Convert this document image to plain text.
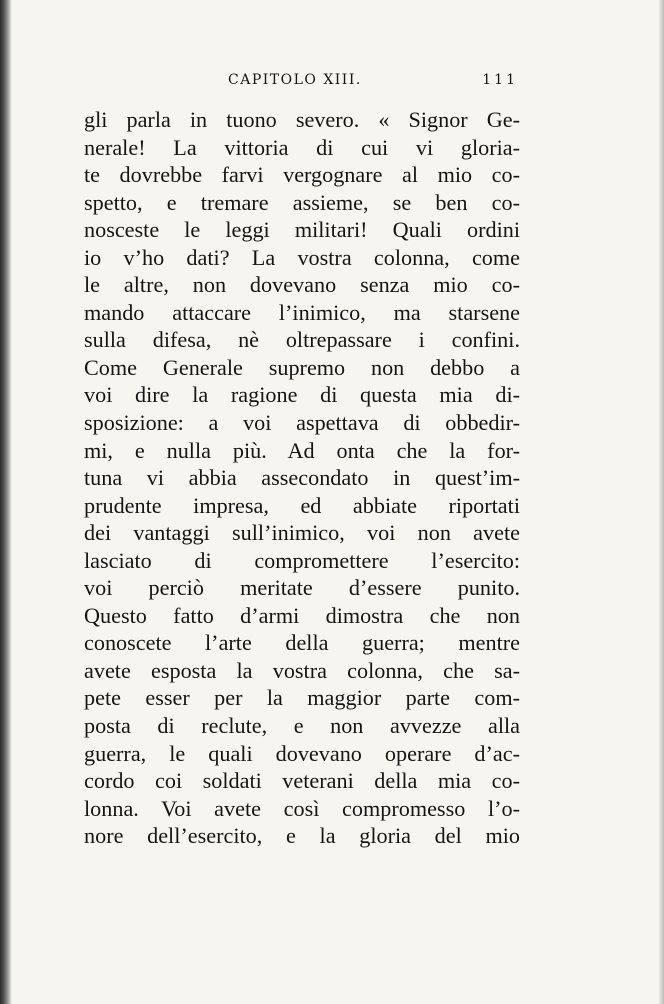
CAPITOLO XIII.	111
gli parla in tuono severo. « Signor Ge-
nerale! La vittoria di cui vi gloria-
te dovrebbe farvi vergognare al mio co-
spetto, e tremare assieme, se ben co-
nosceste le leggi militari! Quali ordini
io v’ho dati? La vostra colonna, come
le altre, non dovevano senza mio co-
mando attaccare l’inimico, ma starsene
sulla difesa, nè oltrepassare i confini.
Come Generale supremo non debbo a
voi dire la ragione di questa mia di-
sposizione: a voi aspettava di obbedir-
mi, e nulla più. Ad onta che la for-
tuna vi abbia assecondato in quest’im-
prudente impresa, ed abbiate riportati
dei vantaggi sull’inimico, voi non avete
lasciato di compromettere l’esercito:
voi perciò meritate d’essere punito.
Questo fatto d’armi dimostra che non
conoscete l’arte della guerra; mentre
avete esposta la vostra colonna, che sa-
pete esser per la maggior parte com-
posta di reclute, e non avvezze alla
guerra, le quali dovevano operare d’ac-
cordo coi soldati veterani della mia co-
lonna. Voi avete così compromesso l’o-
nore dell’esercito, e la gloria del mio
